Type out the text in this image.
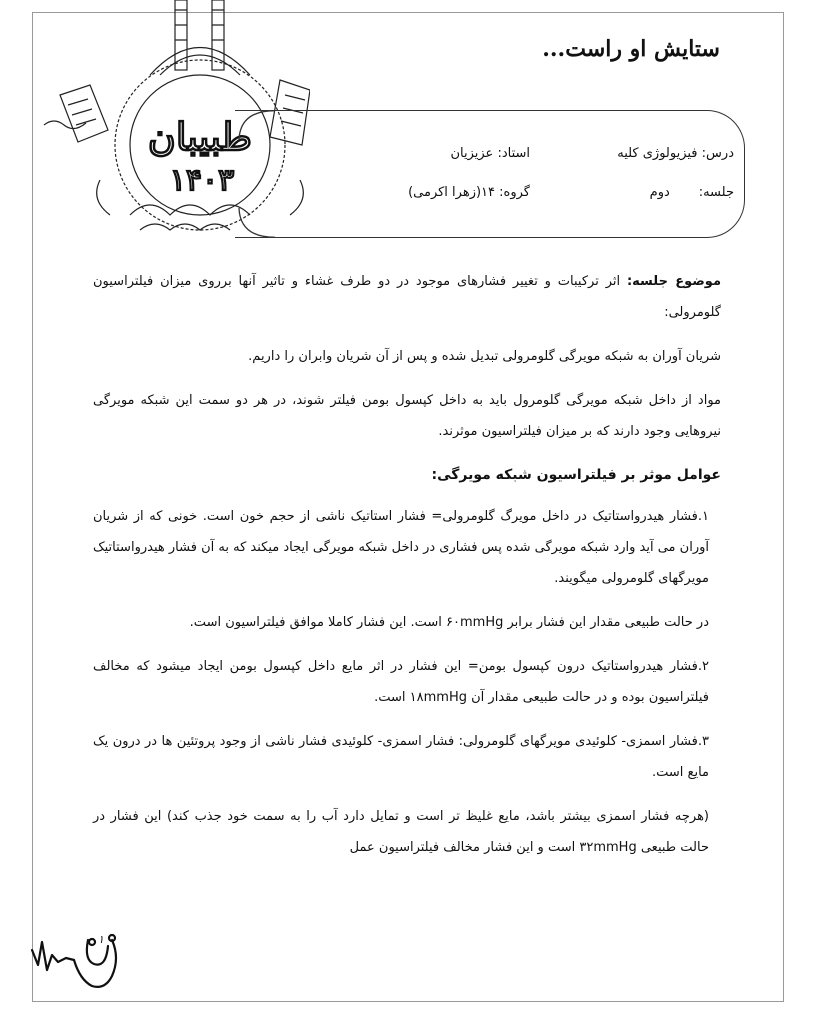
طبیبان
۱۴۰۳
ستایش او راست...
درس: فیزیولوژی کلیه
استاد: عزیزیان
جلسه:       دوم
گروه: ۱۴(زهرا اکرمی)

موضوع جلسه: اثر ترکیبات و تغییر فشارهای موجود در دو طرف غشاء و تاثیر آنها برروی میزان فیلتراسیون گلومرولی:

شریان آوران به شبکه مویرگی گلومرولی تبدیل شده و پس از آن شریان وابران را داریم.

مواد از داخل شبکه مویرگی گلومرول باید به داخل کپسول بومن فیلتر شوند، در هر دو سمت این شبکه مویرگی نیروهایی وجود دارند که بر میزان فیلتراسیون موثرند.

عوامل موثر بر فیلتراسیون شبکه مویرگی:

۱.فشار هیدرواستاتیک در داخل مویرگ گلومرولی= فشار استاتیک ناشی از حجم خون است. خونی که از شریان آوران می آید وارد شبکه مویرگی شده پس فشاری در داخل شبکه مویرگی ایجاد میکند که به آن فشار هیدرواستاتیک مویرگهای گلومرولی میگویند.

در حالت طبیعی مقدار این فشار برابر ۶۰mmHg است. این فشار کاملا موافق فیلتراسیون است.

۲.فشار هیدرواستاتیک درون کپسول بومن= این فشار در اثر مایع داخل کپسول بومن ایجاد میشود که مخالف فیلتراسیون بوده و در حالت طبیعی مقدار آن ۱۸mmHg است.

۳.فشار اسمزی- کلوئیدی مویرگهای گلومرولی: فشار اسمزی- کلوئیدی فشار ناشی از وجود پروتئین ها در درون یک مایع است.

(هرچه فشار اسمزی بیشتر باشد، مایع غلیظ تر است و تمایل دارد آب را به سمت خود جذب کند) این فشار در حالت طبیعی ۳۲mmHg است و این فشار مخالف فیلتراسیون عمل

۱
